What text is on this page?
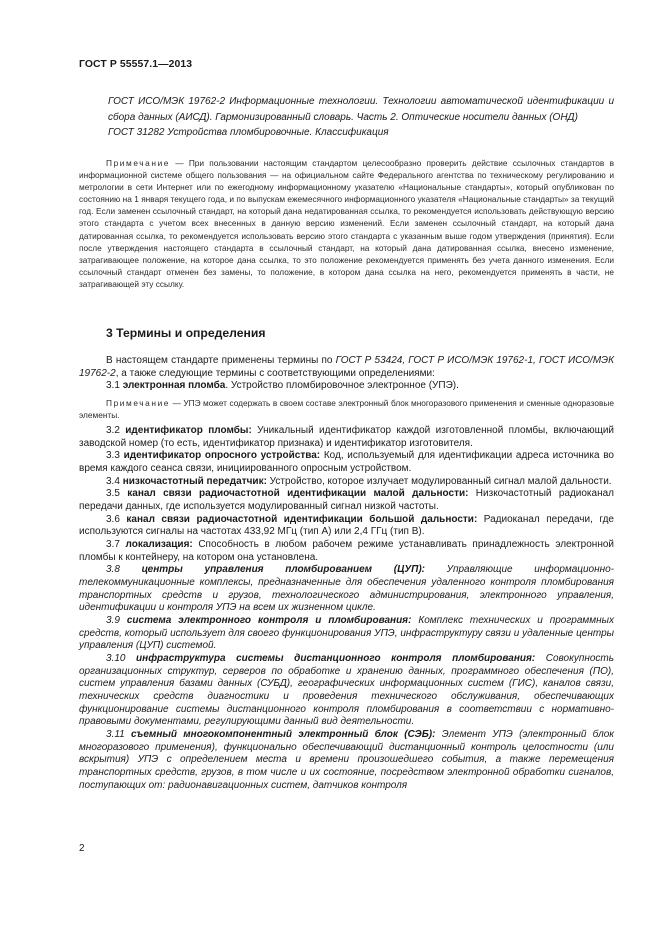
ГОСТ Р 55557.1—2013

ГОСТ ИСО/МЭК 19762-2 Информационные технологии. Технологии автоматической идентификации и сбора данных (АИСД). Гармонизированный словарь. Часть 2. Оптические носители данных (ОНД)

ГОСТ 31282 Устройства пломбировочные. Классификация

Примечание — При пользовании настоящим стандартом целесообразно проверить действие ссылочных стандартов в информационной системе общего пользования — на официальном сайте Федерального агентства по техническому регулированию и метрологии в сети Интернет или по ежегодному информационному указателю «Национальные стандарты», который опубликован по состоянию на 1 января текущего года, и по выпускам ежемесячного информационного указателя «Национальные стандарты» за текущий год. Если заменен ссылочный стандарт, на который дана недатированная ссылка, то рекомендуется использовать действующую версию этого стандарта с учетом всех внесенных в данную версию изменений. Если заменен ссылочный стандарт, на который дана датированная ссылка, то рекомендуется использовать версию этого стандарта с указанным выше годом утверждения (принятия). Если после утверждения настоящего стандарта в ссылочный стандарт, на который дана датированная ссылка, внесено изменение, затрагивающее положение, на которое дана ссылка, то это положение рекомендуется применять без учета данного изменения. Если ссылочный стандарт отменен без замены, то положение, в котором дана ссылка на него, рекомендуется применять в части, не затрагивающей эту ссылку.

3 Термины и определения

В настоящем стандарте применены термины по ГОСТ Р 53424, ГОСТ Р ИСО/МЭК 19762-1, ГОСТ ИСО/МЭК 19762-2, а также следующие термины с соответствующими определениями:

3.1 электронная пломба. Устройство пломбировочное электронное (УПЭ).

Примечание — УПЭ может содержать в своем составе электронный блок многоразового применения и сменные одноразовые элементы.

3.2 идентификатор пломбы: Уникальный идентификатор каждой изготовленной пломбы, включающий заводской номер (то есть, идентификатор признака) и идентификатор изготовителя.

3.3 идентификатор опросного устройства: Код, используемый для идентификации адреса источника во время каждого сеанса связи, инициированного опросным устройством.

3.4 низкочастотный передатчик: Устройство, которое излучает модулированный сигнал малой дальности.

3.5 канал связи радиочастотной идентификации малой дальности: Низкочастотный радиоканал передачи данных, где используется модулированный сигнал низкой частоты.

3.6 канал связи радиочастотной идентификации большой дальности: Радиоканал передачи, где используются сигналы на частотах 433,92 МГц (тип А) или 2,4 ГГц (тип В).

3.7 локализация: Способность в любом рабочем режиме устанавливать принадлежность электронной пломбы к контейнеру, на котором она установлена.

3.8 центры управления пломбированием (ЦУП): Управляющие информационно-телекоммуникационные комплексы, предназначенные для обеспечения удаленного контроля пломбирования транспортных средств и грузов, технологического администрирования, электронного управления, идентификации и контроля УПЭ на всем их жизненном цикле.

3.9 система электронного контроля и пломбирования: Комплекс технических и программных средств, который использует для своего функционирования УПЭ, инфраструктуру связи и удаленные центры управления (ЦУП) системой.

3.10 инфраструктура системы дистанционного контроля пломбирования: Совокупность организационных структур, серверов по обработке и хранению данных, программного обеспечения (ПО), систем управления базами данных (СУБД), географических информационных систем (ГИС), каналов связи, технических средств диагностики и проведения технического обслуживания, обеспечивающих функционирование системы дистанционного контроля пломбирования в соответствии с нормативно-правовыми документами, регулирующими данный вид деятельности.

3.11 съемный многокомпонентный электронный блок (СЭБ): Элемент УПЭ (электронный блок многоразового применения), функционально обеспечивающий дистанционный контроль целостности (или вскрытия) УПЭ с определением места и времени произошедшего события, а также перемещения транспортных средств, грузов, в том числе и их состояние, посредством электронной обработки сигналов, поступающих от: радионавигационных систем, датчиков контроля

2
